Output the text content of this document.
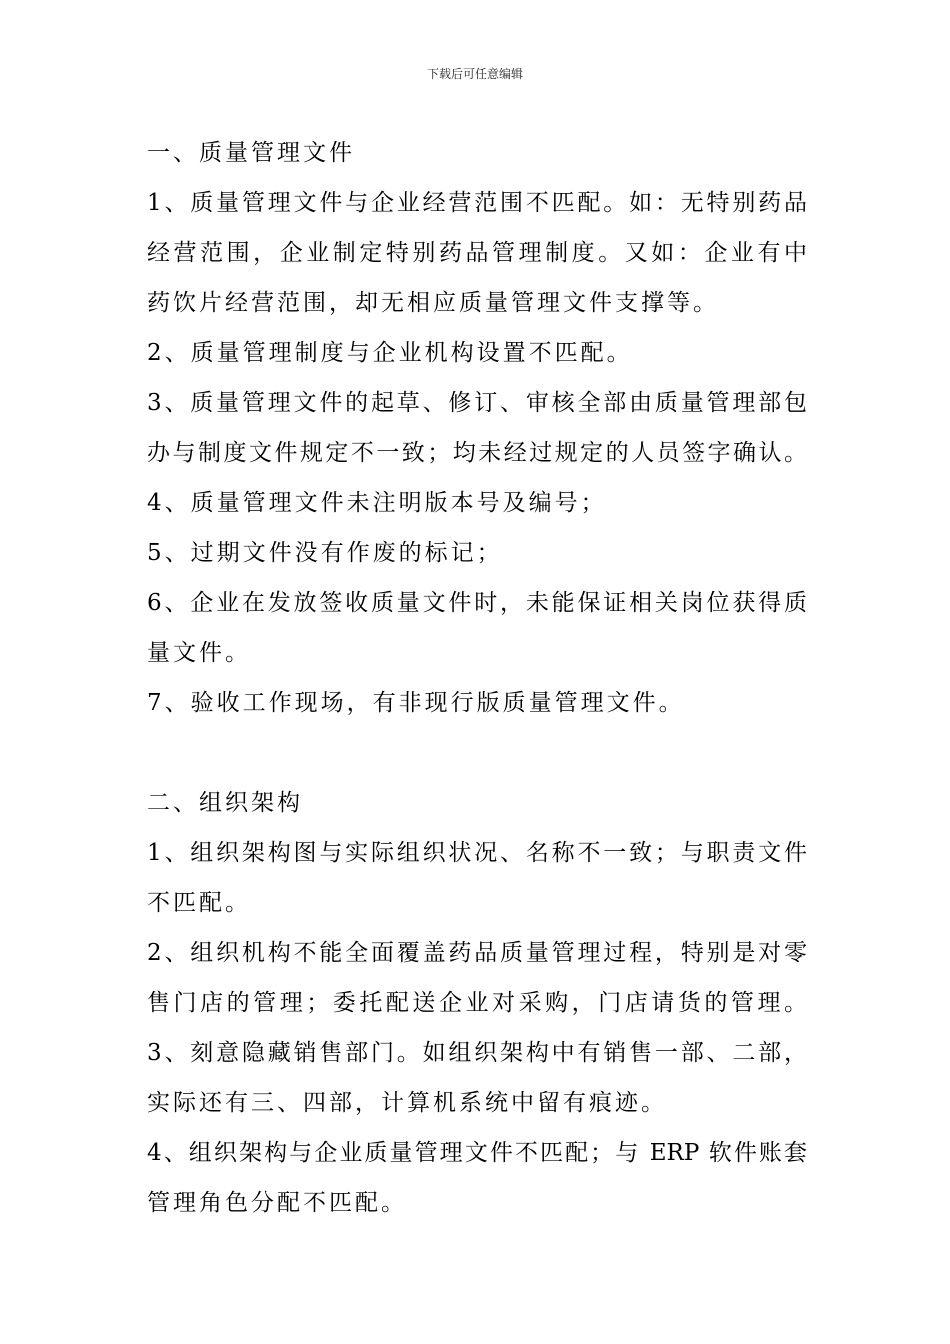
下载后可任意编辑
一、质量管理文件
1、质量管理文件与企业经营范围不匹配。如：无特别药品
经营范围，企业制定特别药品管理制度。又如：企业有中
药饮片经营范围，却无相应质量管理文件支撑等。
2、质量管理制度与企业机构设置不匹配。
3、质量管理文件的起草、修订、审核全部由质量管理部包
办与制度文件规定不一致；均未经过规定的人员签字确认。
4、质量管理文件未注明版本号及编号；
5、过期文件没有作废的标记；
6、企业在发放签收质量文件时，未能保证相关岗位获得质
量文件。
7、验收工作现场，有非现行版质量管理文件。
二、组织架构
1、组织架构图与实际组织状况、名称不一致；与职责文件
不匹配。
2、组织机构不能全面覆盖药品质量管理过程，特别是对零
售门店的管理；委托配送企业对采购，门店请货的管理。
3、刻意隐藏销售部门。如组织架构中有销售一部、二部，
实际还有三、四部，计算机系统中留有痕迹。
4、组织架构与企业质量管理文件不匹配；与 ERP 软件账套
管理角色分配不匹配。
